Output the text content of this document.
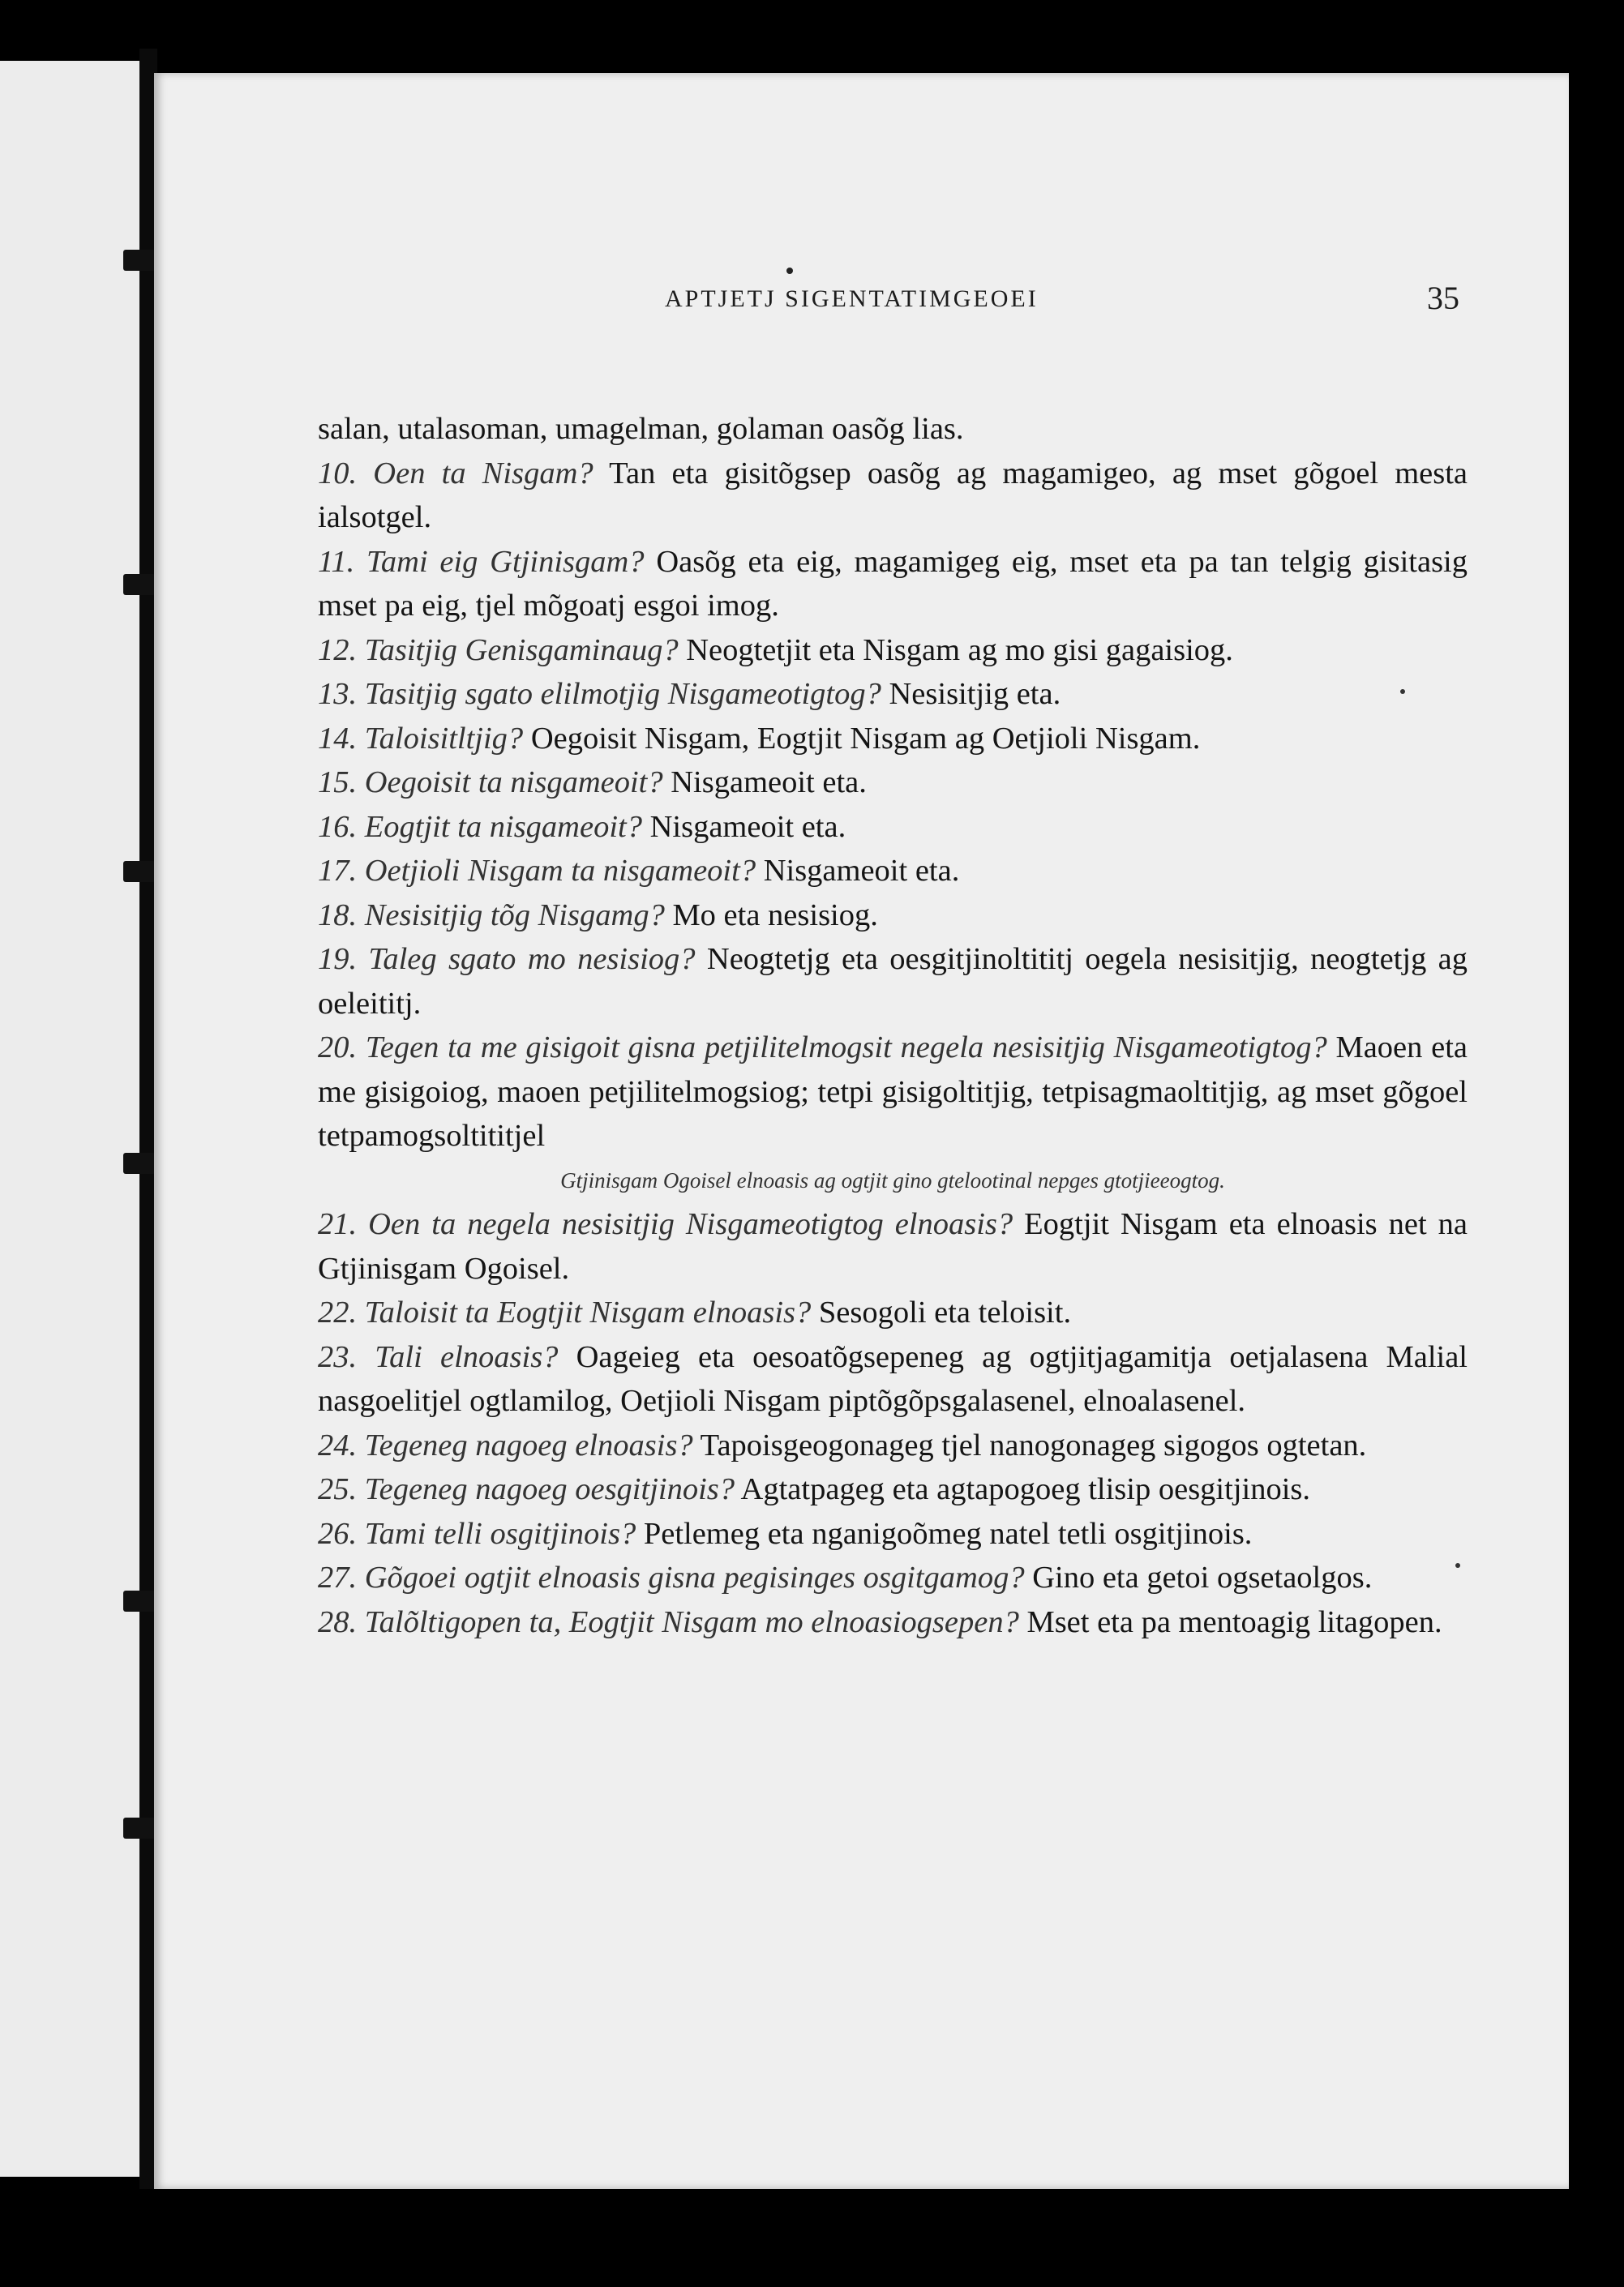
APTJETJ SIGENTATIMGEOEI	35

salan, utalasoman, umagelman, golaman oasõg lias.

10. Oen ta Nisgam? Tan eta gisitõgsep oasõg ag magamigeo, ag mset gõgoel mesta ialsotgel.

11. Tami eig Gtjinisgam? Oasõg eta eig, magamigeg eig, mset eta pa tan telgig gisitasig mset pa eig, tjel mõgoatj esgoi imog.

12. Tasitjig Genisgaminaug? Neogtetjit eta Nisgam ag mo gisi gagaisiog.

13. Tasitjig sgato elilmotjig Nisgameotigtog? Nesisitjig eta.

14. Taloisitltjig? Oegoisit Nisgam, Eogtjit Nisgam ag Oetjioli Nisgam.

15. Oegoisit ta nisgameoit? Nisgameoit eta.

16. Eogtjit ta nisgameoit? Nisgameoit eta.

17. Oetjioli Nisgam ta nisgameoit? Nisgameoit eta.

18. Nesisitjig tõg Nisgamg? Mo eta nesisiog.

19. Taleg sgato mo nesisiog? Neogtetjg eta oesgitjinoltititj oegela nesisitjig, neogtetjg ag oeleititj.

20. Tegen ta me gisigoit gisna petjilitelmogsit negela nesisitjig Nisgameotigtog? Maoen eta me gisigoiog, maoen petjilitelmogsiog; tetpi gisigoltitjig, tetpisagmaoltitjig, ag mset gõgoel tetpamogsoltititjel

Gtjinisgam Ogoisel elnoasis ag ogtjit gino gtelootinal nepges gtotjieeogtog.

21. Oen ta negela nesisitjig Nisgameotigtog elnoasis? Eogtjit Nisgam eta elnoasis net na Gtjinisgam Ogoisel.

22. Taloisit ta Eogtjit Nisgam elnoasis? Sesogoli eta teloisit.

23. Tali elnoasis? Oageieg eta oesoatõgsepeneg ag ogtjitjagamitja oetjalasena Malial nasgoelitjel ogtlamilog, Oetjioli Nisgam piptõgõpsgalasenel, elnoalasenel.

24. Tegeneg nagoeg elnoasis? Tapoisgeogonageg tjel nanogonageg sigogos ogtetan.

25. Tegeneg nagoeg oesgitjinois? Agtatpageg eta agtapogoeg tlisip oesgitjinois.

26. Tami telli osgitjinois? Petlemeg eta nganigoõmeg natel tetli osgitjinois.

27. Gõgoei ogtjit elnoasis gisna pegisinges osgitgamog? Gino eta getoi ogsetaolgos.

28. Talõltigopen ta, Eogtjit Nisgam mo elnoasiogsepen? Mset eta pa mentoagig litagopen.
